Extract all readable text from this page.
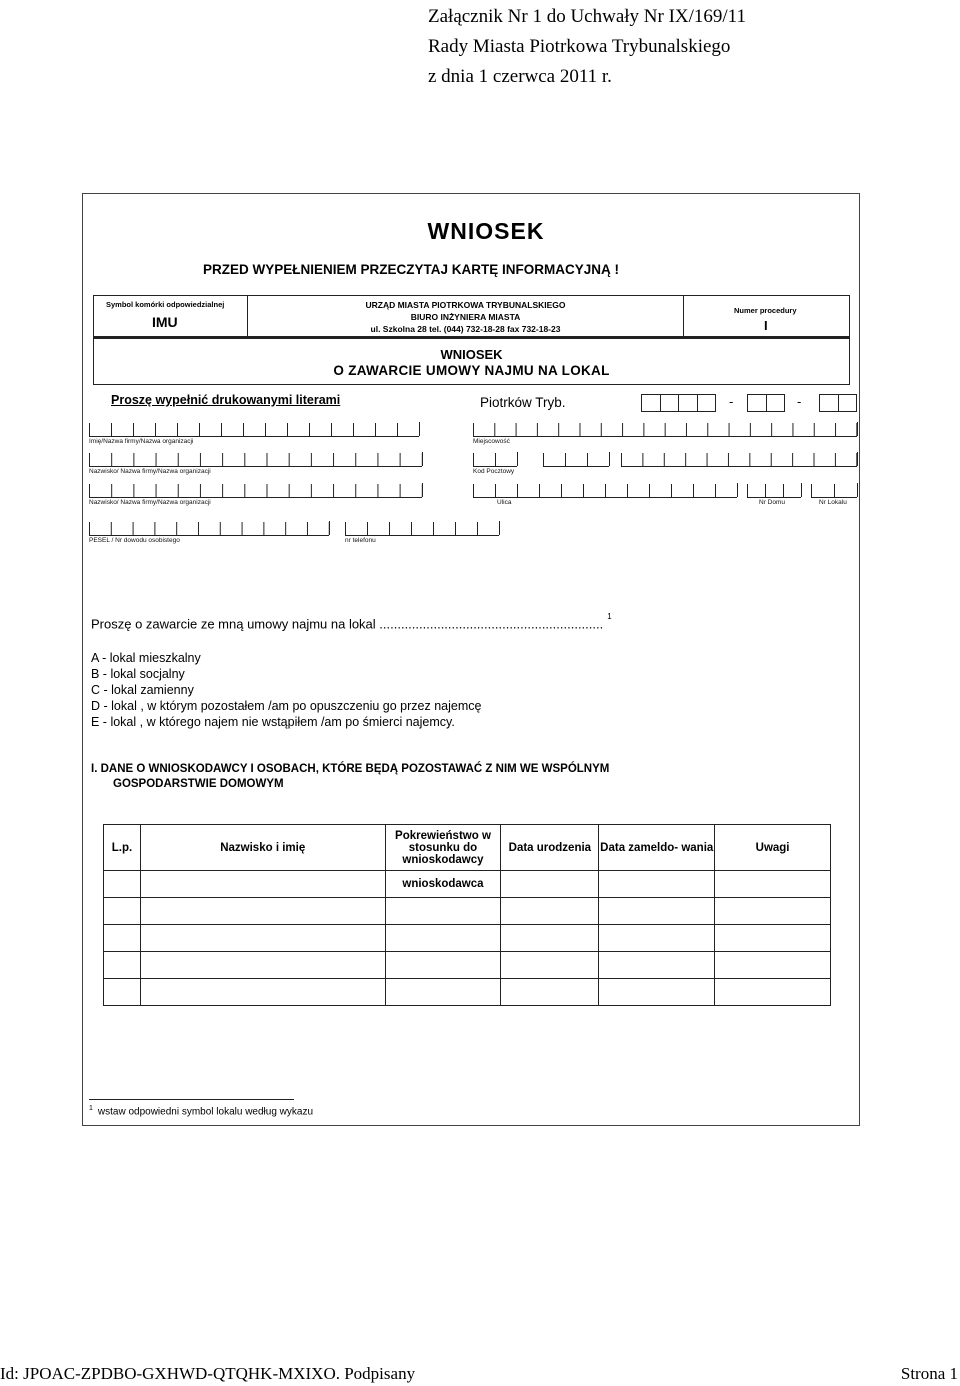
Załącznik Nr 1 do Uchwały Nr IX/169/11
Rady Miasta Piotrkowa Trybunalskiego
z dnia 1 czerwca 2011 r.
WNIOSEK
PRZED WYPEŁNIENIEM PRZECZYTAJ KARTĘ INFORMACYJNĄ !
Symbol komórki odpowiedzialnej
IMU
URZĄD MIASTA PIOTRKOWA TRYBUNALSKIEGO
BIURO INŻYNIERA MIASTA
ul. Szkolna 28 tel. (044) 732-18-28 fax 732-18-23
Numer procedury
I
WNIOSEK
O ZAWARCIE UMOWY NAJMU NA LOKAL
Proszę wypełnić drukowanymi literami	Piotrków Tryb.	-	-
Imię/Nazwa firmy/Nazwa organizacji	Miejscowość
Nazwisko/ Nazwa firmy/Nazwa organizacji	Kod Pocztowy
Nazwisko/ Nazwa firmy/Nazwa organizacji	Ulica	Nr Domu	Nr Lokalu
PESEL / Nr dowodu osobistego	nr telefonu
Proszę o zawarcie ze mną umowy najmu na lokal .............................................................. $^1$
A - lokal mieszkalny
B - lokal socjalny
C - lokal zamienny
D - lokal , w którym pozostałem /am po opuszczeniu go przez najemcę
E - lokal , w którego najem nie wstąpiłem /am po śmierci najemcy.
I. DANE O WNIOSKODAWCY I OSOBACH, KTÓRE BĘDĄ POZOSTAWAĆ Z NIM WE WSPÓLNYM
GOSPODARSTWIE DOMOWYM
L.p.	Nazwisko i imię	Pokrewieństwo w stosunku do wnioskodawcy	Data urodzenia	Data zameldo- wania	Uwagi
		wnioskodawca			

$^1$ wstaw odpowiedni symbol lokalu według wykazu
Id: JPOAC-ZPDBO-GXHWD-QTQHK-MXIXO. Podpisany	Strona 1
